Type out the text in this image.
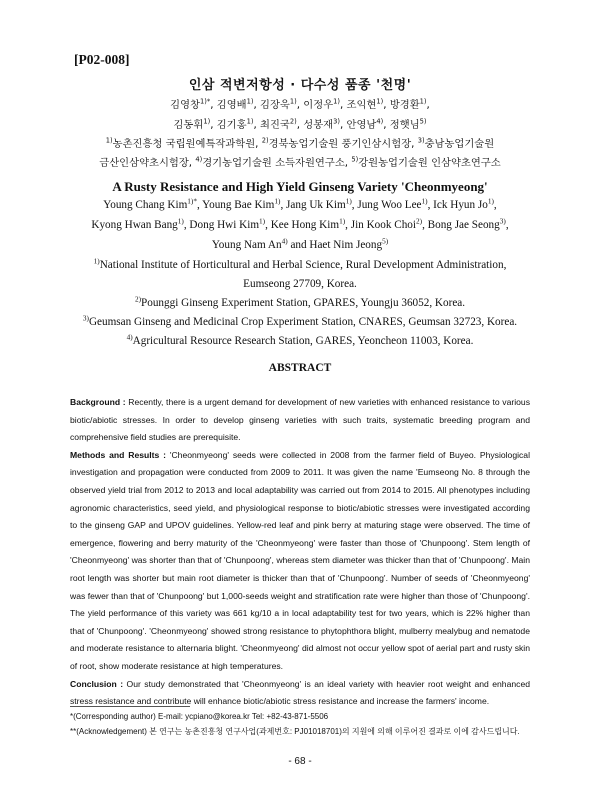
[P02-008]
인삼 적변저항성 · 다수성 품종 '천명'
김영창$^{1)*}$, 김영배$^{1)}$, 김장욱$^{1)}$, 이정우$^{1)}$, 조익현$^{1)}$, 방경환$^{1)}$,
김동휘$^{1)}$, 김기홍$^{1)}$, 최진국$^{2)}$, 성봉재$^{3)}$, 안영남$^{4)}$, 정햇님$^{5)}$
$^{1)}$농촌진흥청 국립원예특작과학원, $^{2)}$경북농업기술원 풍기인삼시험장, $^{3)}$충남농업기술원
금산인삼약초시험장, $^{4)}$경기농업기술원 소득자원연구소, $^{5)}$강원농업기술원 인삼약초연구소
A Rusty Resistance and High Yield Ginseng Variety 'Cheonmyeong'
Young Chang Kim$^{1)*}$, Young Bae Kim$^{1)}$, Jang Uk Kim$^{1)}$, Jung Woo Lee$^{1)}$, Ick Hyun Jo$^{1)}$,
Kyong Hwan Bang$^{1)}$, Dong Hwi Kim$^{1)}$, Kee Hong Kim$^{1)}$, Jin Kook Choi$^{2)}$, Bong Jae Seong$^{3)}$,
Young Nam An$^{4)}$ and Haet Nim Jeong$^{5)}$
$^{1)}$National Institute of Horticultural and Herbal Science, Rural Development Administration,
Eumseong 27709, Korea.
$^{2)}$Pounggi Ginseng Experiment Station, GPARES, Youngju 36052, Korea.
$^{3)}$Geumsan Ginseng and Medicinal Crop Experiment Station, CNARES, Geumsan 32723, Korea.
$^{4)}$Agricultural Resource Research Station, GARES, Yeoncheon 11003, Korea.
ABSTRACT

Background : Recently, there is a urgent demand for development of new varieties with enhanced resistance to various biotic/abiotic stresses. In order to develop ginseng varieties with such traits, systematic breeding program and comprehensive field studies are prerequisite.

Methods and Results : 'Cheonmyeong' seeds were collected in 2008 from the farmer field of Buyeo. Physiological investigation and propagation were conducted from 2009 to 2011. It was given the name 'Eumseong No. 8 through the observed yield trial from 2012 to 2013 and local adaptability was carried out from 2014 to 2015. All phenotypes including agronomic characteristics, seed yield, and physiological response to biotic/abiotic stresses were investigated according to the ginseng GAP and UPOV guidelines. Yellow-red leaf and pink berry at maturing stage were observed. The time of emergence, flowering and berry maturity of the 'Cheonmyeong' were faster than those of 'Chunpoong'. Stem length of 'Cheonmyeong' was shorter than that of 'Chunpoong', whereas stem diameter was thicker than that of 'Chunpoong'. Main root length was shorter but main root diameter is thicker than that of 'Chunpoong'. Number of seeds of 'Cheonmyeong' was fewer than that of 'Chunpoong' but 1,000-seeds weight and stratification rate were higher than those of 'Chunpoong'. The yield performance of this variety was 661 kg/10 a in local adaptability test for two years, which is 22% higher than that of 'Chunpoong'. 'Cheonmyeong' showed strong resistance to phytophthora blight, mulberry mealybug and nematode and moderate resistance to alternaria blight. 'Cheonmyeong' did almost not occur yellow spot of aerial part and rusty skin of root, show moderate resistance at high temperatures.

Conclusion : Our study demonstrated that 'Cheonmyeong' is an ideal variety with heavier root weight and enhanced stress resistance and contribute will enhance biotic/abiotic stress resistance and increase the farmers' income.

*(Corresponding author) E-mail: ycpiano@korea.kr Tel: +82-43-871-5506
**(Acknowledgement) 본 연구는 농촌진흥청 연구사업(과제번호: PJ01018701)의 지원에 의해 이루어진 결과로 이에 감사드립니다.
- 68 -
